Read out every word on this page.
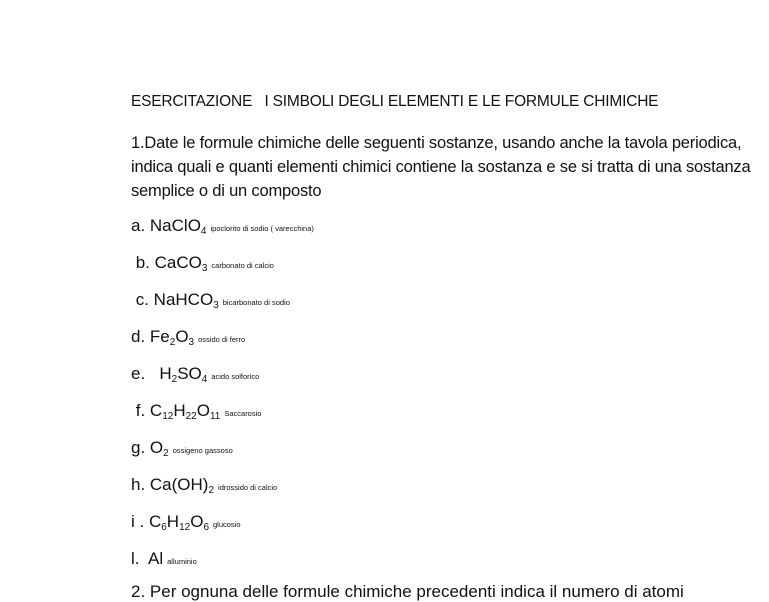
ESERCITAZIONE   I SIMBOLI DEGLI ELEMENTI E LE FORMULE CHIMICHE
1.Date le formule chimiche delle seguenti sostanze, usando anche la tavola periodica, indica quali e quanti elementi chimici contiene la sostanza e se si tratta di una sostanza semplice o di un composto
a. NaClO$_4$ ipoclorito di sodio ( varecchina)
b. CaCO$_3$ carbonato di calcio
c. NaHCO$_3$ bicarbonato di sodio
d. $Fe_2O_3$ ossido di ferro
e.   $H_2SO_4$ acido solforico
f. $C_{12}H_{22}O_{11}$ Saccarosio
g. $O_2$ ossigeno gassoso
h. $Ca(OH)_2$ idrossido di calcio
i . $C_6H_{12}O_6$ glucosio
l.  Al alluminio
2. Per ognuna delle formule chimiche precedenti indica il numero di atomi
